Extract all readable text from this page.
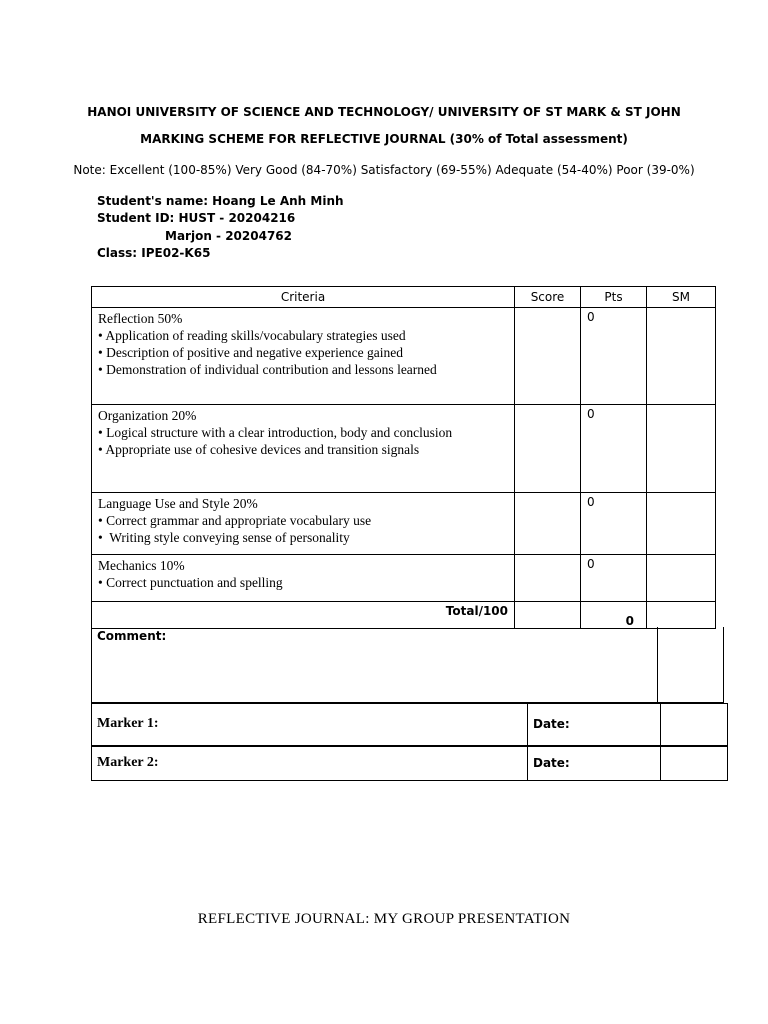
HANOI UNIVERSITY OF SCIENCE AND TECHNOLOGY/ UNIVERSITY OF ST MARK & ST JOHN
MARKING SCHEME FOR REFLECTIVE JOURNAL (30% of Total assessment)
Note: Excellent (100-85%) Very Good (84-70%) Satisfactory (69-55%) Adequate (54-40%) Poor (39-0%)
Student's name: Hoang Le Anh Minh
Student ID: HUST - 20204216
Marjon - 20204762
Class: IPE02-K65
Criteria	Score	Pts	SM

Reflection 50%
• Application of reading skills/vocabulary strategies used
• Description of positive and negative experience gained
• Demonstration of individual contribution and lessons learned		0	

Organization 20%
• Logical structure with a clear introduction, body and conclusion
• Appropriate use of cohesive devices and transition signals		0	

Language Use and Style 20%
• Correct grammar and appropriate vocabulary use
•  Writing style conveying sense of personality		0	

Mechanics 10%
• Correct punctuation and spelling		0	
Total/100		0	
Comment:
Marker 1:	Date:
Marker 2:	Date:
REFLECTIVE JOURNAL: MY GROUP PRESENTATION
